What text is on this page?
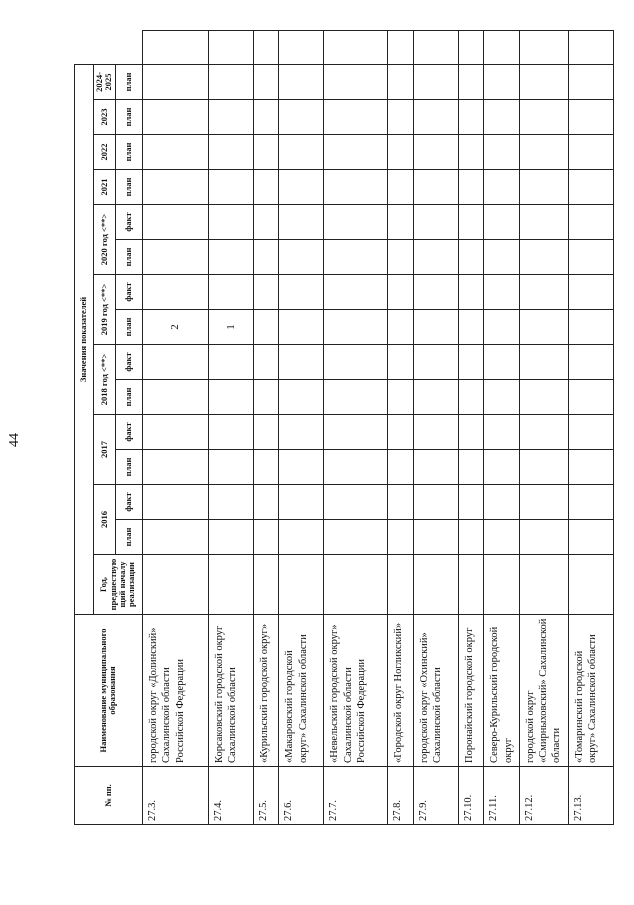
44
№ пп.	Наименование муниципального образования	Значения показателей															
		Год, предшествую щий началу реализации	2016		2017		2018 год <**>		2019 год <**>		2020 год <**>		2021	2022	2023	2024-2025	
			план	факт	план	факт	план	факт	план	факт	план	факт	план	план	план	план	
27.3.	городской округ «Долинский» Сахалинской области Российской Федерации								2								
27.4.	Корсаковский городской округ Сахалинской области								1								
27.5.	«Курильский городской округ»																
27.6.	«Макаровский городской округ» Сахалинской области																
27.7.	«Невельский городской округ» Сахалинской области Российской Федерации																
27.8.	«Городской округ Ногликский»																
27.9.	городской округ «Охинский» Сахалинской области																
27.10.	Поронайский городской округ																
27.11.	Северо-Курильский городской округ																
27.12.	городской округ «Смирныховский» Сахалинской области																
27.13.	«Томаринский городской округ» Сахалинской области																
